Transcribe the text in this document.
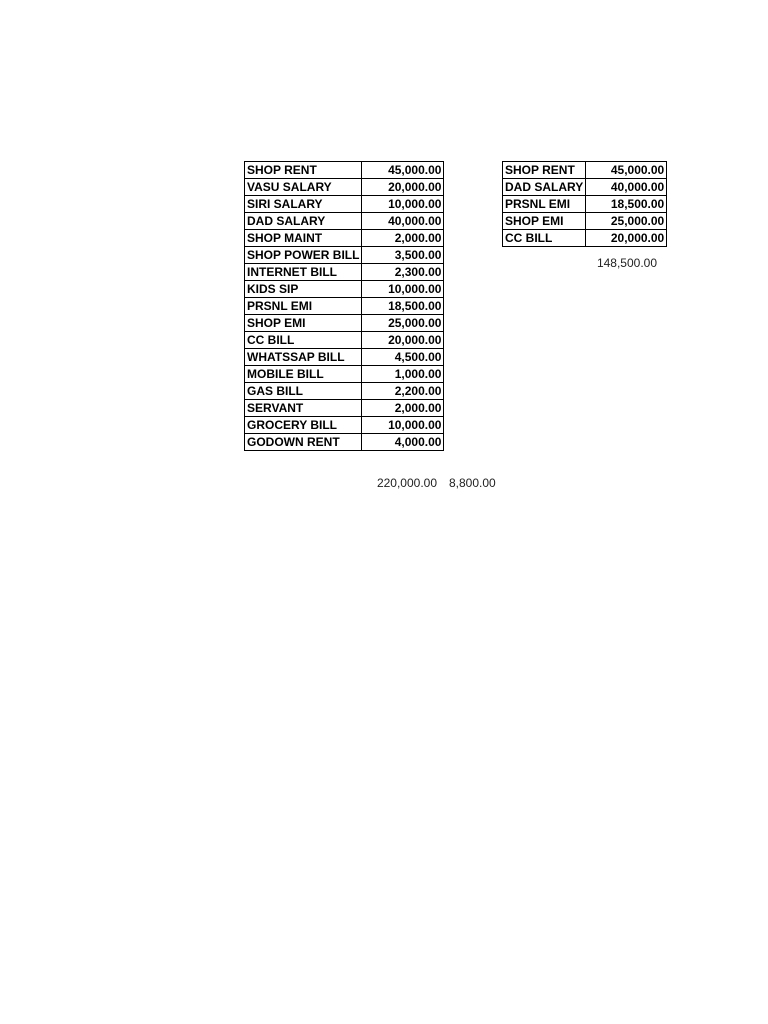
SHOP RENT	45,000.00
VASU SALARY	20,000.00
SIRI SALARY	10,000.00
DAD SALARY	40,000.00
SHOP MAINT	2,000.00
SHOP POWER BILL	3,500.00
INTERNET BILL	2,300.00
KIDS SIP	10,000.00
PRSNL EMI	18,500.00
SHOP EMI	25,000.00
CC BILL	20,000.00
WHATSSAP BILL	4,500.00
MOBILE BILL	1,000.00
GAS BILL	2,200.00
SERVANT	2,000.00
GROCERY BILL	10,000.00
GODOWN RENT	4,000.00
220,000.00 8,800.00
SHOP RENT	45,000.00
DAD SALARY	40,000.00
PRSNL EMI	18,500.00
SHOP EMI	25,000.00
CC BILL	20,000.00
148,500.00
